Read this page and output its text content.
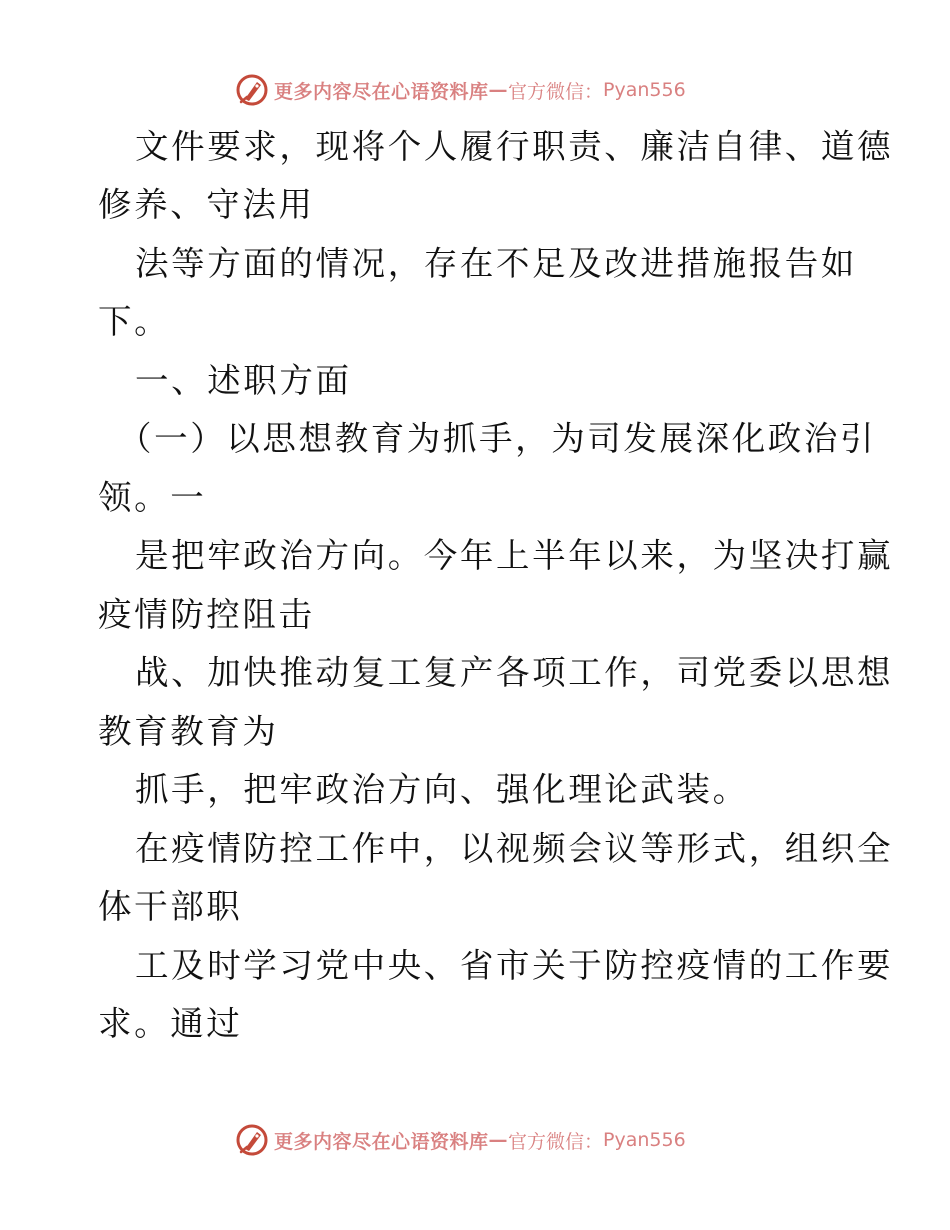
更多内容尽在心语资料库 — 官方微信： Pyan556
文件要求，现将个人履行职责、廉洁自律、道德
修养、守法用
法等方面的情况，存在不足及改进措施报告如
下。
一、述职方面
（一）以思想教育为抓手，为司发展深化政治引
领。一
是把牢政治方向。今年上半年以来，为坚决打赢
疫情防控阻击
战、加快推动复工复产各项工作，司党委以思想
教育教育为
抓手，把牢政治方向、强化理论武装。
在疫情防控工作中，以视频会议等形式，组织全
体干部职
工及时学习党中央、省市关于防控疫情的工作要
求。通过
更多内容尽在心语资料库 — 官方微信： Pyan556
